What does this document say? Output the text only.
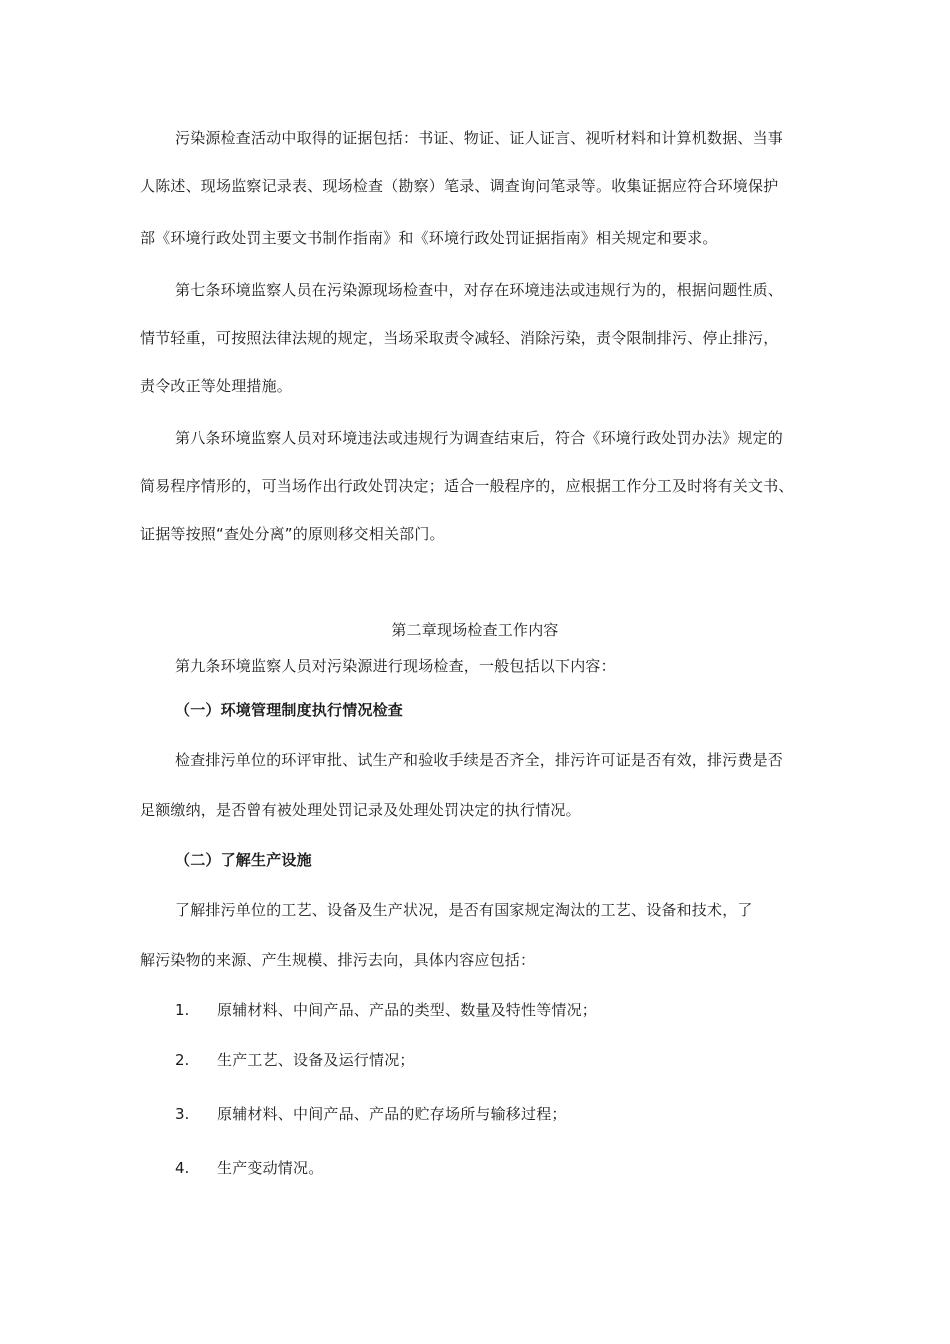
污染源检查活动中取得的证据包括：书证、物证、证人证言、视听材料和计算机数据、当事
人陈述、现场监察记录表、现场检查（勘察）笔录、调查询问笔录等。收集证据应符合环境保护
部《环境行政处罚主要文书制作指南》和《环境行政处罚证据指南》相关规定和要求。
第七条环境监察人员在污染源现场检查中，对存在环境违法或违规行为的，根据问题性质、
情节轻重，可按照法律法规的规定，当场采取责令减轻、消除污染，责令限制排污、停止排污，
责令改正等处理措施。
第八条环境监察人员对环境违法或违规行为调查结束后，符合《环境行政处罚办法》规定的
简易程序情形的，可当场作出行政处罚决定；适合一般程序的，应根据工作分工及时将有关文书、
证据等按照“查处分离”的原则移交相关部门。
第二章现场检查工作内容
第九条环境监察人员对污染源进行现场检查，一般包括以下内容：
（一）环境管理制度执行情况检查
检查排污单位的环评审批、试生产和验收手续是否齐全，排污许可证是否有效，排污费是否
足额缴纳，是否曾有被处理处罚记录及处理处罚决定的执行情况。
（二）了解生产设施
了解排污单位的工艺、设备及生产状况，是否有国家规定淘汰的工艺、设备和技术，了
解污染物的来源、产生规模、排污去向，具体内容应包括：
1. 原辅材料、中间产品、产品的类型、数量及特性等情况；
2. 生产工艺、设备及运行情况；
3. 原辅材料、中间产品、产品的贮存场所与输移过程；
4. 生产变动情况。
